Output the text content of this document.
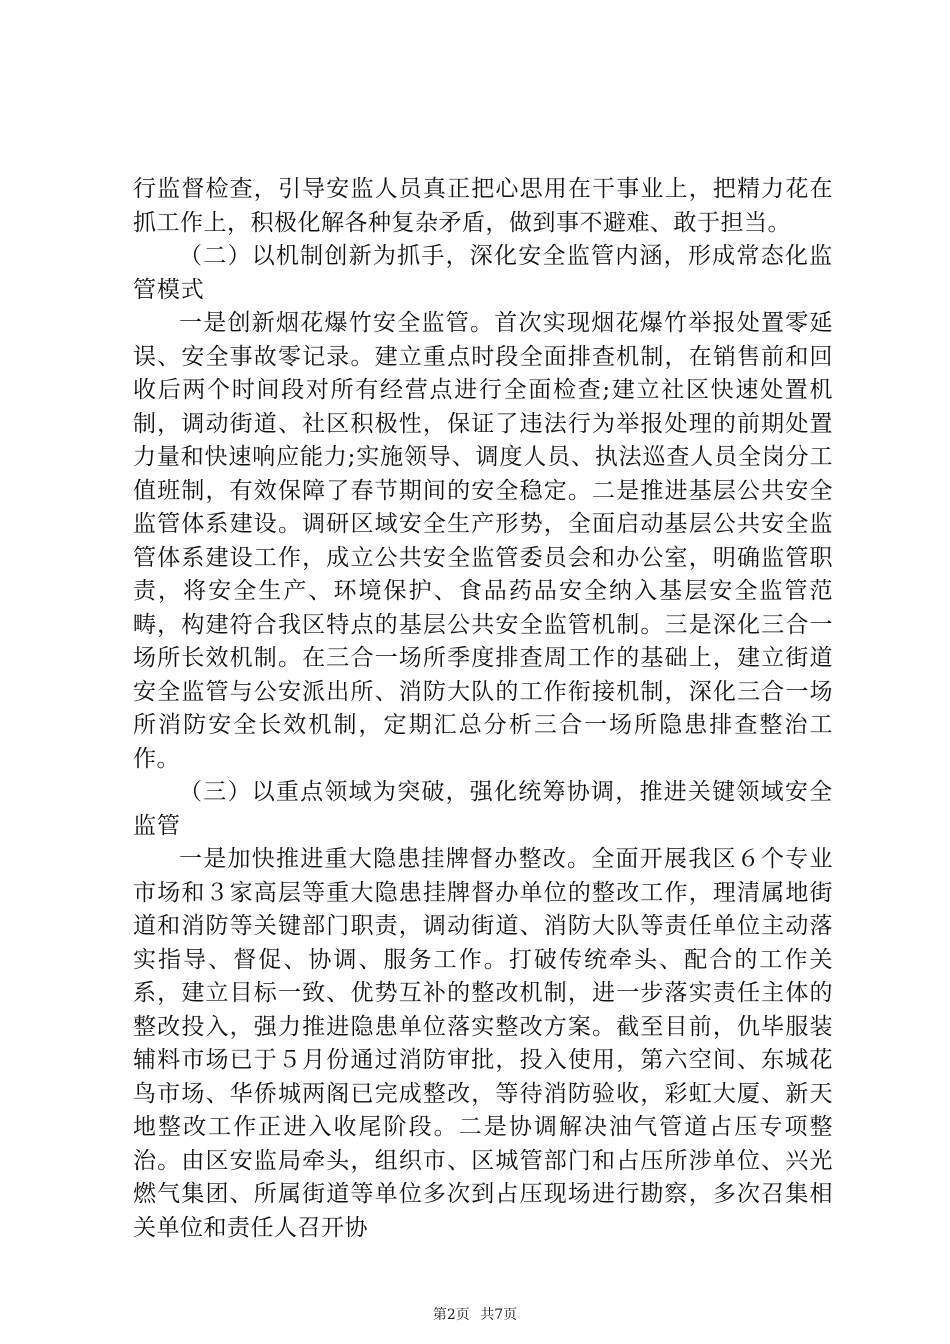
行监督检查，引导安监人员真正把心思用在干事业上，把精力花在抓工作上，积极化解各种复杂矛盾，做到事不避难、敢于担当。

（二）以机制创新为抓手，深化安全监管内涵，形成常态化监管模式

一是创新烟花爆竹安全监管。首次实现烟花爆竹举报处置零延误、安全事故零记录。建立重点时段全面排查机制，在销售前和回收后两个时间段对所有经营点进行全面检查;建立社区快速处置机制，调动街道、社区积极性，保证了违法行为举报处理的前期处置力量和快速响应能力;实施领导、调度人员、执法巡查人员全岗分工值班制，有效保障了春节期间的安全稳定。二是推进基层公共安全监管体系建设。调研区域安全生产形势，全面启动基层公共安全监管体系建设工作，成立公共安全监管委员会和办公室，明确监管职责，将安全生产、环境保护、食品药品安全纳入基层安全监管范畴，构建符合我区特点的基层公共安全监管机制。三是深化三合一场所长效机制。在三合一场所季度排查周工作的基础上，建立街道安全监管与公安派出所、消防大队的工作衔接机制，深化三合一场所消防安全长效机制，定期汇总分析三合一场所隐患排查整治工作。

（三）以重点领域为突破，强化统筹协调，推进关键领域安全监管

一是加快推进重大隐患挂牌督办整改。全面开展我区６个专业市场和３家高层等重大隐患挂牌督办单位的整改工作，理清属地街道和消防等关键部门职责，调动街道、消防大队等责任单位主动落实指导、督促、协调、服务工作。打破传统牵头、配合的工作关系，建立目标一致、优势互补的整改机制，进一步落实责任主体的整改投入，强力推进隐患单位落实整改方案。截至目前，仇毕服装辅料市场已于５月份通过消防审批，投入使用，第六空间、东城花鸟市场、华侨城两阁已完成整改，等待消防验收，彩虹大厦、新天地整改工作正进入收尾阶段。二是协调解决油气管道占压专项整治。由区安监局牵头，组织市、区城管部门和占压所涉单位、兴光燃气集团、所属街道等单位多次到占压现场进行勘察，多次召集相关单位和责任人召开协

第2页 共7页
